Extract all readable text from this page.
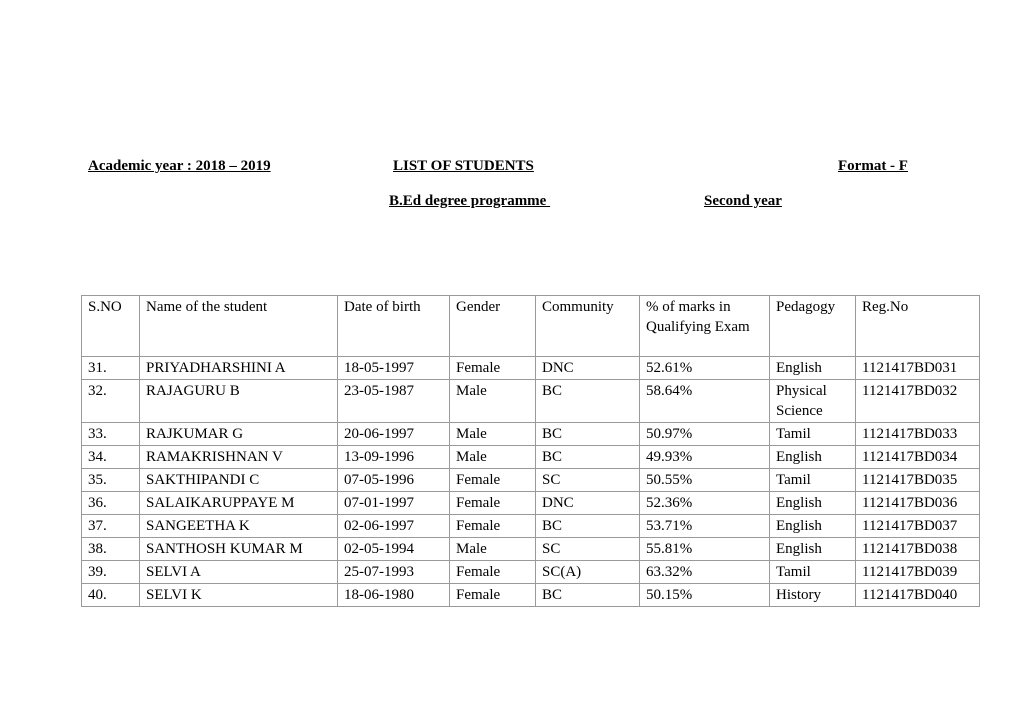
Academic year : 2018 – 2019	LIST OF STUDENTS	Format - F
B.Ed degree programme	Second year
S.NO	Name of the student	Date of birth	Gender	Community	% of marks in Qualifying Exam	Pedagogy	Reg.No
31.	PRIYADHARSHINI A	18-05-1997	Female	DNC	52.61%	English	1121417BD031
32.	RAJAGURU B	23-05-1987	Male	BC	58.64%	Physical Science	1121417BD032
33.	RAJKUMAR G	20-06-1997	Male	BC	50.97%	Tamil	1121417BD033
34.	RAMAKRISHNAN V	13-09-1996	Male	BC	49.93%	English	1121417BD034
35.	SAKTHIPANDI C	07-05-1996	Female	SC	50.55%	Tamil	1121417BD035
36.	SALAIKARUPPAYE M	07-01-1997	Female	DNC	52.36%	English	1121417BD036
37.	SANGEETHA K	02-06-1997	Female	BC	53.71%	English	1121417BD037
38.	SANTHOSH KUMAR M	02-05-1994	Male	SC	55.81%	English	1121417BD038
39.	SELVI A	25-07-1993	Female	SC(A)	63.32%	Tamil	1121417BD039
40.	SELVI K	18-06-1980	Female	BC	50.15%	History	1121417BD040
